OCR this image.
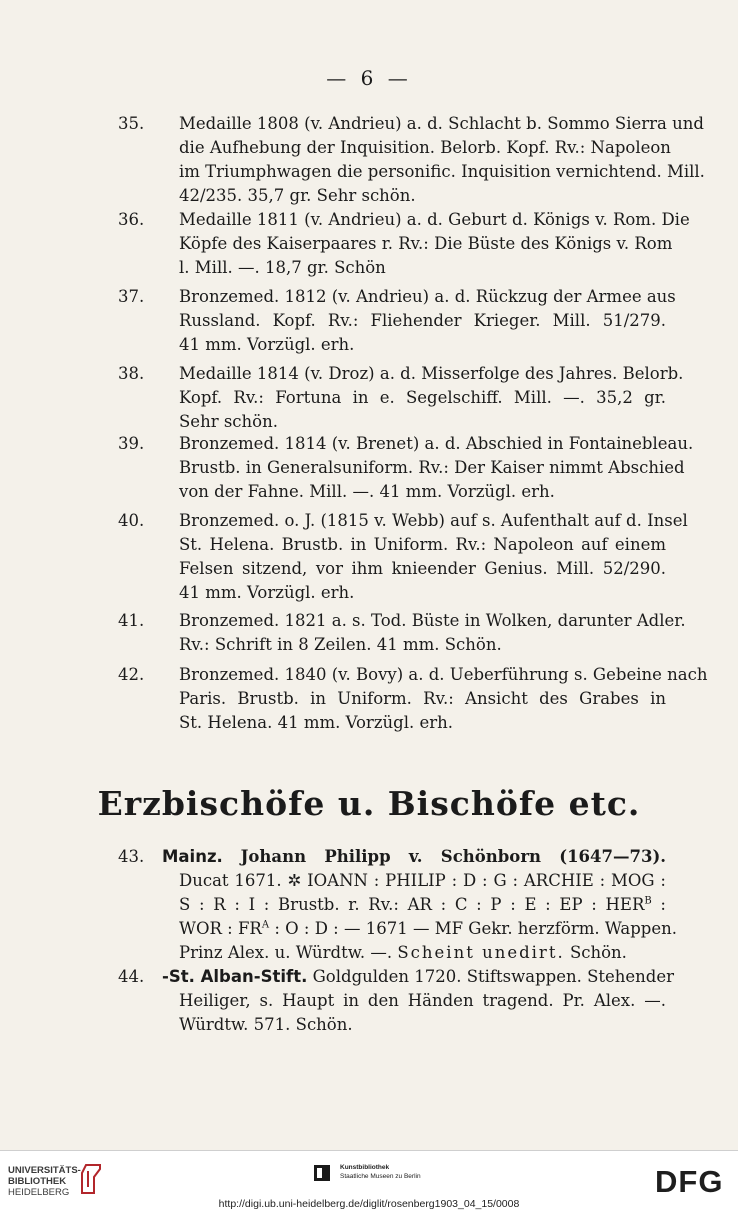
— 6 —
35.	Medaille 1808 (v. Andrieu) a. d. Schlacht b. Sommo Sierra und
die Aufhebung der Inquisition. Belorb. Kopf. Rv.: Napoleon
im Triumphwagen die personific. Inquisition vernichtend. Mill.
42/235. 35,7 gr. Sehr schön.
36.	Medaille 1811 (v. Andrieu) a. d. Geburt d. Königs v. Rom. Die
Köpfe des Kaiserpaares r. Rv.: Die Büste des Königs v. Rom
l. Mill. —. 18,7 gr. Schön
37.	Bronzemed. 1812 (v. Andrieu) a. d. Rückzug der Armee aus
Russland. Kopf. Rv.: Fliehender Krieger. Mill. 51/279.
41 mm. Vorzügl. erh.
38.	Medaille 1814 (v. Droz) a. d. Misserfolge des Jahres. Belorb.
Kopf. Rv.: Fortuna in e. Segelschiff. Mill. —. 35,2 gr.
Sehr schön.
39.	Bronzemed. 1814 (v. Brenet) a. d. Abschied in Fontainebleau.
Brustb. in Generalsuniform. Rv.: Der Kaiser nimmt Abschied
von der Fahne. Mill. —. 41 mm. Vorzügl. erh.
40.	Bronzemed. o. J. (1815 v. Webb) auf s. Aufenthalt auf d. Insel
St. Helena. Brustb. in Uniform. Rv.: Napoleon auf einem
Felsen sitzend, vor ihm knieender Genius. Mill. 52/290.
41 mm. Vorzügl. erh.
41.	Bronzemed. 1821 a. s. Tod. Büste in Wolken, darunter Adler.
Rv.: Schrift in 8 Zeilen. 41 mm. Schön.
42.	Bronzemed. 1840 (v. Bovy) a. d. Ueberführung s. Gebeine nach
Paris. Brustb. in Uniform. Rv.: Ansicht des Grabes in
St. Helena. 41 mm. Vorzügl. erh.
Erzbischöfe u. Bischöfe etc.
43.	Mainz. Johann Philipp v. Schönborn (1647—73).
Ducat 1671. ✲ IOANN : PHILIP : D : G : ARCHIE : MOG :
S : R : I : Brustb. r. Rv.: AR : C : P : E : EP : $HER^B$ :
WOR : $FR^A$ : O : D : — 1671 — MF Gekr. herzförm. Wappen.
Prinz Alex. u. Würdtw. —. Scheint unedirt. Schön.
44.	-St. Alban-Stift. Goldgulden 1720. Stiftswappen. Stehender
Heiliger, s. Haupt in den Händen tragend. Pr. Alex. —.
Würdtw. 571. Schön.
UNIVERSITÄTS-
BIBLIOTHEK
HEIDELBERG
Kunstbibliothek
Staatliche Museen zu Berlin	DFG
http://digi.ub.uni-heidelberg.de/diglit/rosenberg1903_04_15/0008
